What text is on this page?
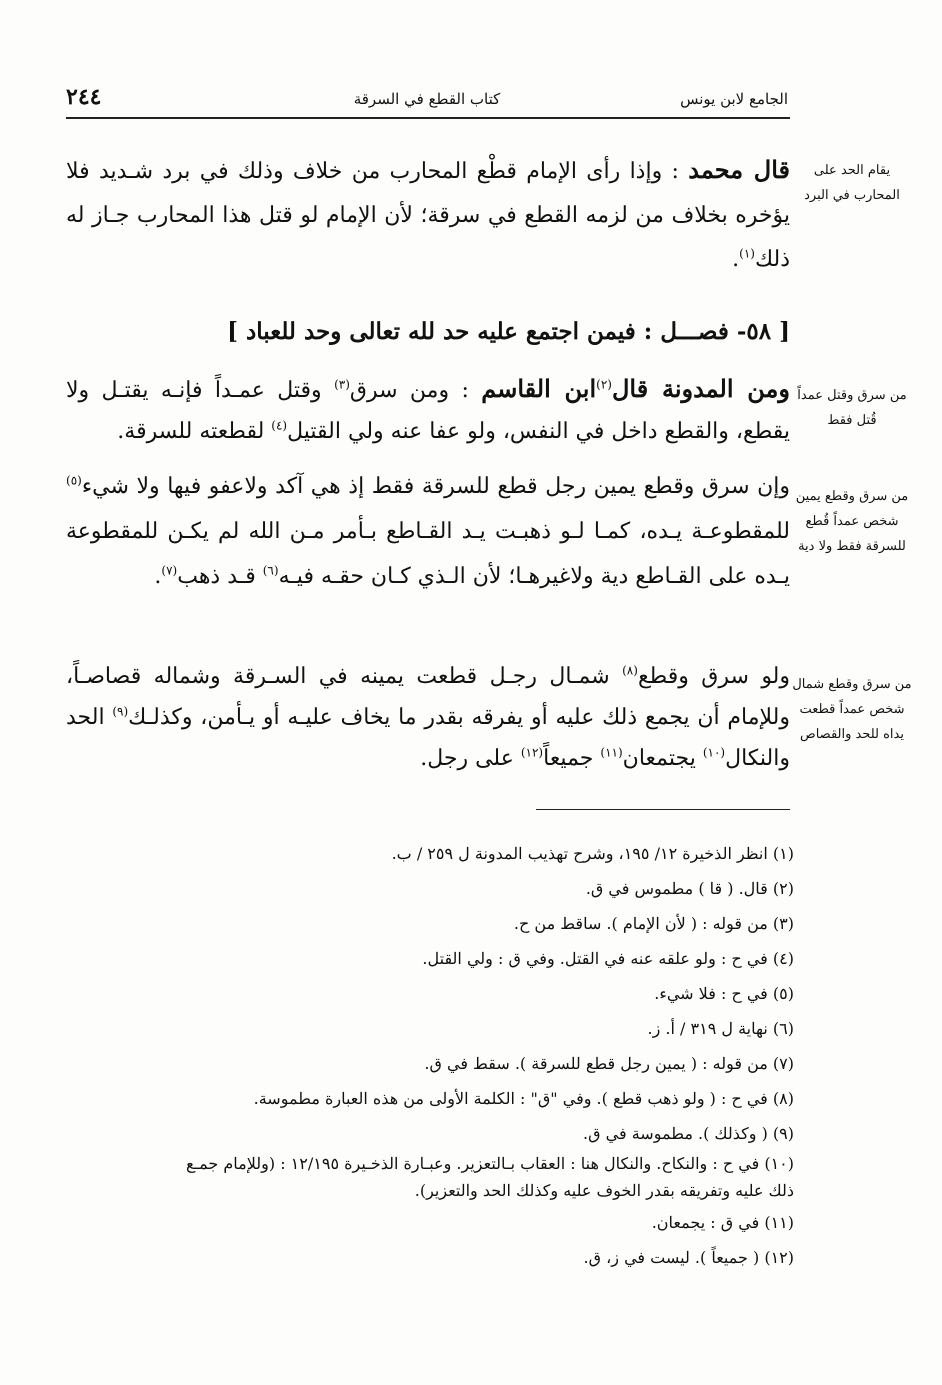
الجامع لابن يونس
كتاب القطع في السرقة
٢٤٤
يقام الحد على المحارب في البرد
من سرق وقتل عمداً قُتل فقط
من سرق وقطع يمين شخص عمداً قُطع للسرقة فقط ولا دية
من سرق وقطع شمال شخص عمداً قطعت يداه للحد والقصاص

قال محمد : وإذا رأى الإمام قطْع المحارب من خلاف وذلك في برد شـديد فلا يؤخره بخلاف من لزمه القطع في سرقة؛ لأن الإمام لو قتل هذا المحارب جـاز له ذلك$^{(١)}$.

[ ٥٨- فصـــل : فيمن اجتمع عليه حد لله تعالى وحد للعباد ]

ومن المدونة قال$^{(٢)}$ابن القاسم : ومن سرق$^{(٣)}$ وقتل عمـداً فإنـه يقتـل ولا يقطع، والقطع داخل في النفس، ولو عفا عنه ولي القتيل$^{(٤)}$ لقطعته للسرقة.

وإن سرق وقطع يمين رجل قطع للسرقة فقط إذ هي آكد ولاعفو فيها ولا شيء$^{(٥)}$ للمقطوعـة يـده، كمـا لـو ذهبـت يـد القـاطع بـأمر مـن الله لم يكـن للمقطوعة يـده على القـاطع دية ولاغيرهـا؛ لأن الـذي كـان حقـه فيـه$^{(٦)}$ قـد ذهب$^{(٧)}$.

ولو سرق وقطع$^{(٨)}$ شمـال رجـل قطعت يمينه في السـرقة وشماله قصاصـاً، وللإمام أن يجمع ذلك عليه أو يفرقه بقدر ما يخاف عليـه أو يـأمن، وكذلـك$^{(٩)}$ الحد والنكال$^{(١٠)}$ يجتمعان$^{(١١)}$ جميعاً$^{(١٢)}$ على رجل.

(١) انظر الذخيرة ١٢/ ١٩٥، وشرح تهذيب المدونة ل ٢٥٩ / ب.
(٢) قال. ( قا ) مطموس في ق.
(٣) من قوله : ( لأن الإمام ). ساقط من ح.
(٤) في ح : ولو علقه عنه في القتل. وفي ق : ولي القتل.
(٥) في ح : فلا شيء.
(٦) نهاية ل ٣١٩ / أ. ز.
(٧) من قوله : ( يمين رجل قطع للسرقة ). سقط في ق.
(٨) في ح : ( ولو ذهب قطع ). وفي "ق" : الكلمة الأولى من هذه العبارة مطموسة.
(٩) ( وكذلك ). مطموسة في ق.
(١٠) في ح : والنكاح. والنكال هنا : العقاب بـالتعزير. وعبـارة الذخـيرة ١٢/١٩٥ : (وللإمام جمـع
ذلك عليه وتفريقه بقدر الخوف عليه وكذلك الحد والتعزير).
(١١) في ق : يجمعان.
(١٢) ( جميعاً ). ليست في ز، ق.
